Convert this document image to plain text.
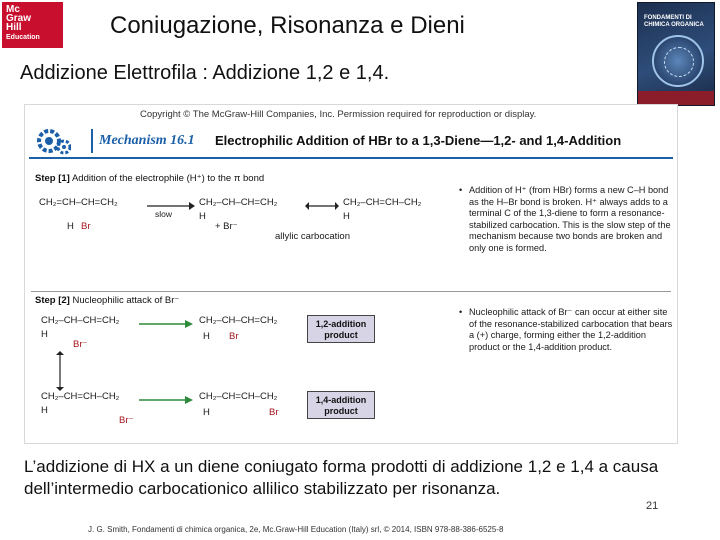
Mc
Graw
Hill
Education	Coniugazione, Risonanza e Dieni	FONDAMENTI DI
CHIMICA ORGANICA
Addizione Elettrofila : Addizione 1,2 e 1,4.
Copyright © The McGraw-Hill Companies, Inc. Permission required for reproduction or display.
Mechanism 16.1 Electrophilic Addition of HBr to a 1,3-Diene—1,2- and 1,4-Addition
Step [1] Addition of the electrophile (H⁺) to the π bond
CH₂=CH–CH=CH₂
H Br
slow
CH₂–CH–CH=CH₂
H
+ Br⁻
CH₂–CH=CH–CH₂
H
allylic carbocation
• Addition of H⁺ (from HBr) forms a new C–H bond as the H–Br bond is broken. H⁺ always adds to a terminal C of the 1,3-diene to form a resonance-stabilized carbocation. This is the slow step of the mechanism because two bonds are broken and only one is formed.
Step [2] Nucleophilic attack of Br⁻
CH₂–CH–CH=CH₂
H
Br⁻
CH₂–CH–CH=CH₂
H Br
1,2-addition
product
CH₂–CH=CH–CH₂
H
Br⁻
CH₂–CH=CH–CH₂
H	Br
1,4-addition
product
• Nucleophilic attack of Br⁻ can occur at either site of the resonance-stabilized carbocation that bears a (+) charge, forming either the 1,2-addition product or the 1,4-addition product.
L’addizione di HX a un diene coniugato forma prodotti di addizione 1,2 e 1,4 a causa dell’intermedio carbocationico allilico stabilizzato per risonanza.
21
J. G. Smith, Fondamenti di chimica organica, 2e, Mc.Graw-Hill Education (Italy) srl, © 2014, ISBN 978-88-386-6525-8
